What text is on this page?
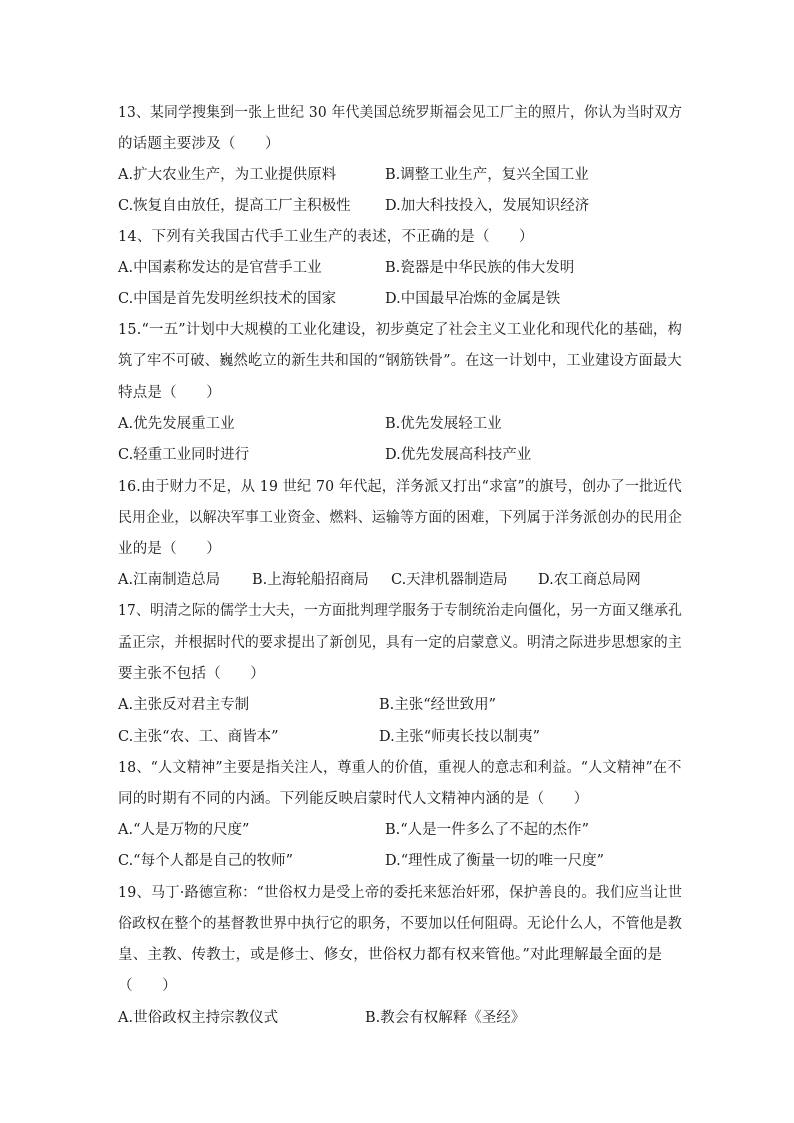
13、某同学搜集到一张上世纪 30 年代美国总统罗斯福会见工厂主的照片，你认为当时双方
的话题主要涉及（　　）
A.扩大农业生产，为工业提供原料	B.调整工业生产，复兴全国工业
C.恢复自由放任，提高工厂主积极性 D.加大科技投入，发展知识经济
14、下列有关我国古代手工业生产的表述，不正确的是（　　）
A.中国素称发达的是官营手工业	B.瓷器是中华民族的伟大发明
C.中国是首先发明丝织技术的国家	D.中国最早冶炼的金属是铁
15.“一五”计划中大规模的工业化建设，初步奠定了社会主义工业化和现代化的基础，构
筑了牢不可破、巍然屹立的新生共和国的“钢筋铁骨”。在这一计划中，工业建设方面最大
特点是（　　）
A.优先发展重工业	B.优先发展轻工业
C.轻重工业同时进行	D.优先发展高科技产业
16.由于财力不足，从 19 世纪 70 年代起，洋务派又打出“求富”的旗号，创办了一批近代
民用企业，以解决军事工业资金、燃料、运输等方面的困难，下列属于洋务派创办的民用企
业的是（　　）
A.江南制造总局 B.上海轮船招商局 C.天津机器制造局 D.农工商总局网
17、明清之际的儒学士大夫，一方面批判理学服务于专制统治走向僵化，另一方面又继承孔
孟正宗，并根据时代的要求提出了新创见，具有一定的启蒙意义。明清之际进步思想家的主
要主张不包括（　　）
A.主张反对君主专制	B.主张“经世致用”
C.主张“农、工、商皆本”	D.主张“师夷长技以制夷”
18、“人文精神”主要是指关注人，尊重人的价值，重视人的意志和利益。“人文精神”在不
同的时期有不同的内涵。下列能反映启蒙时代人文精神内涵的是（　　）
A.“人是万物的尺度”	B.“人是一件多么了不起的杰作”
C.“每个人都是自己的牧师”	D.“理性成了衡量一切的唯一尺度”
19、马丁·路德宣称：“世俗权力是受上帝的委托来惩治奸邪，保护善良的。我们应当让世
俗政权在整个的基督教世界中执行它的职务，不要加以任何阻碍。无论什么人，不管他是教
皇、主教、传教士，或是修士、修女，世俗权力都有权来管他。”对此理解最全面的是
（　　）
A.世俗政权主持宗教仪式	B.教会有权解释《圣经》
